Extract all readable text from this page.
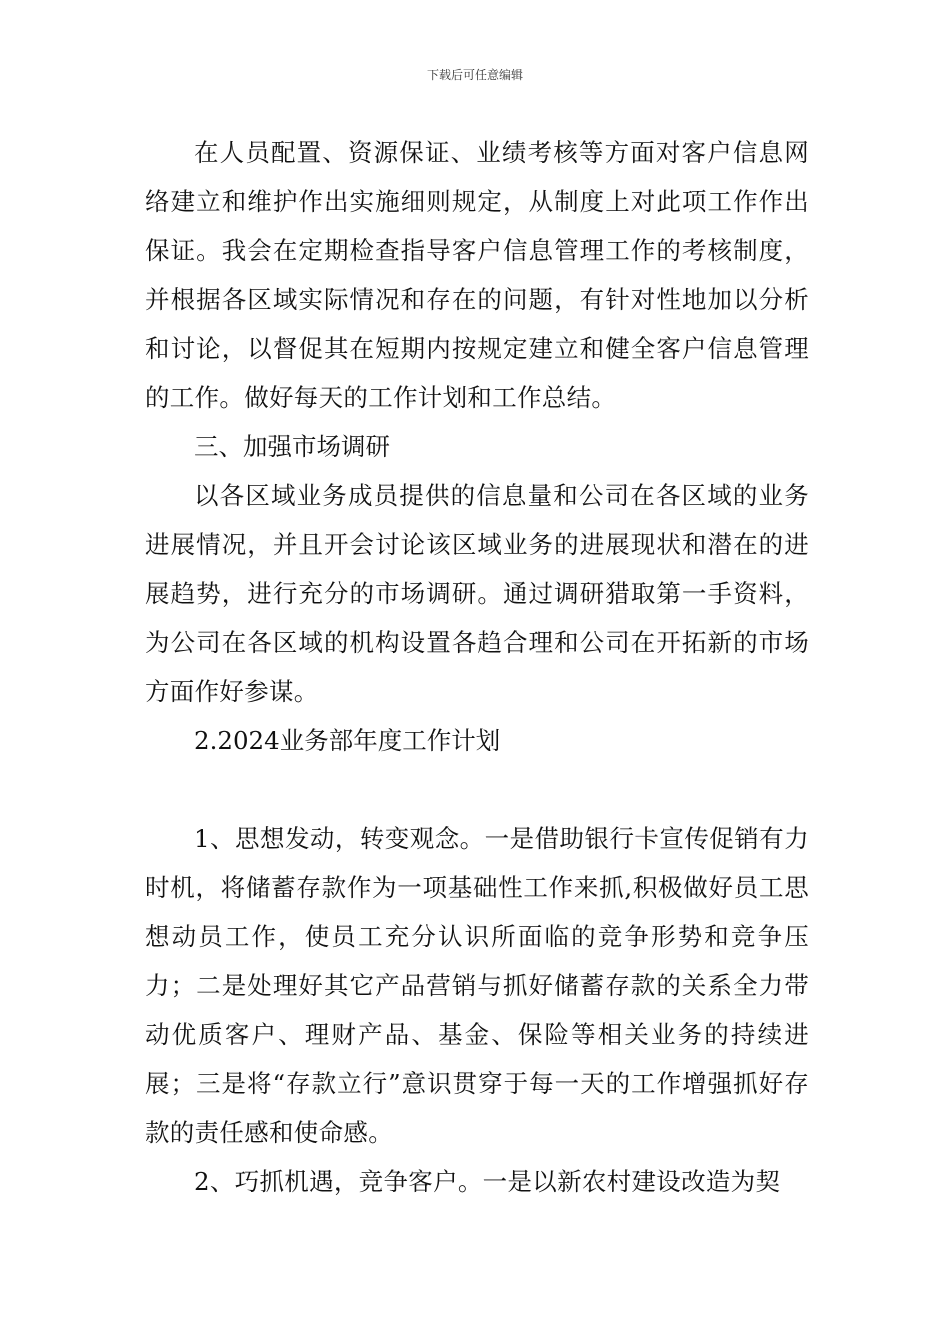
下载后可任意编辑

在人员配置、资源保证、业绩考核等方面对客户信息网络建立和维护作出实施细则规定，从制度上对此项工作作出保证。我会在定期检查指导客户信息管理工作的考核制度，并根据各区域实际情况和存在的问题，有针对性地加以分析和讨论，以督促其在短期内按规定建立和健全客户信息管理的工作。做好每天的工作计划和工作总结。

三、加强市场调研

以各区域业务成员提供的信息量和公司在各区域的业务进展情况，并且开会讨论该区域业务的进展现状和潜在的进展趋势，进行充分的市场调研。通过调研猎取第一手资料，为公司在各区域的机构设置各趋合理和公司在开拓新的市场方面作好参谋。

2.2024业务部年度工作计划

1、思想发动，转变观念。一是借助银行卡宣传促销有力时机，将储蓄存款作为一项基础性工作来抓,积极做好员工思想动员工作，使员工充分认识所面临的竞争形势和竞争压力；二是处理好其它产品营销与抓好储蓄存款的关系全力带动优质客户、理财产品、基金、保险等相关业务的持续进展；三是将“存款立行”意识贯穿于每一天的工作增强抓好存款的责任感和使命感。

2、巧抓机遇，竞争客户。一是以新农村建设改造为契
